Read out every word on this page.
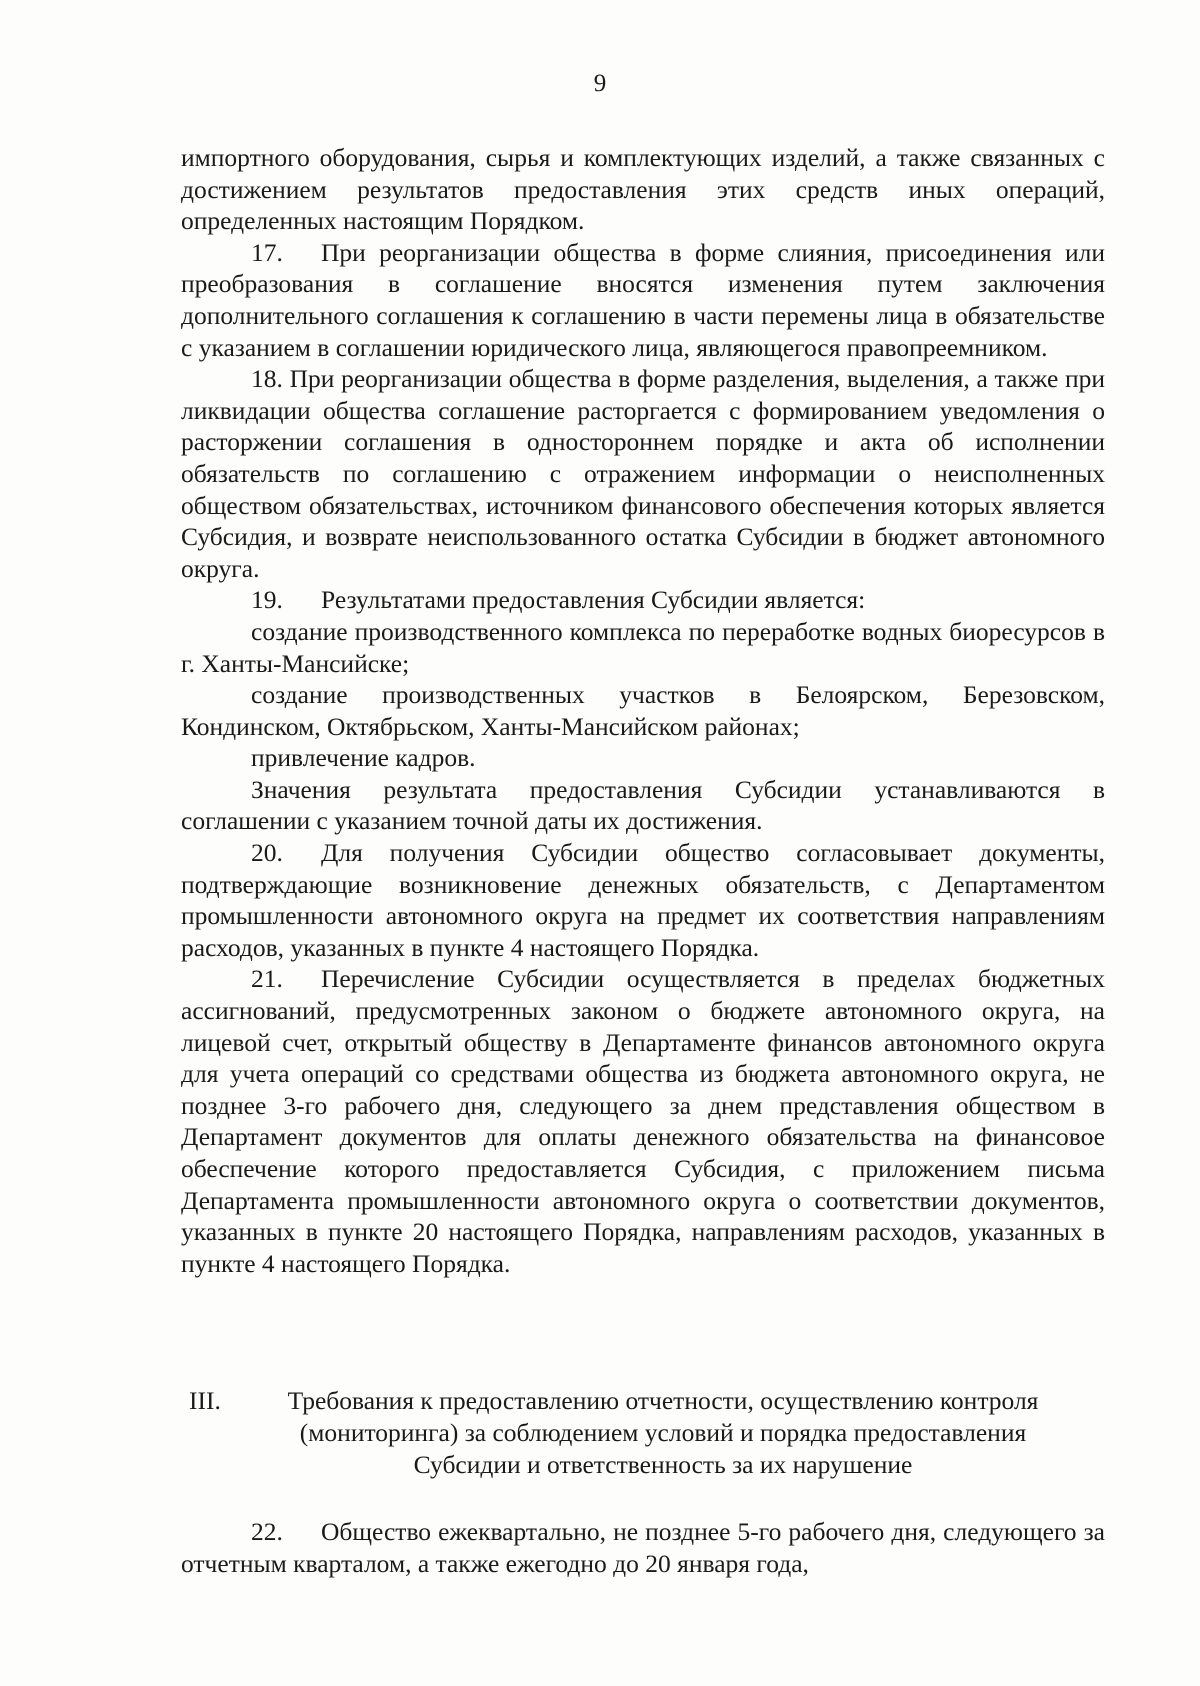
9

импортного оборудования, сырья и комплектующих изделий, а также связанных с достижением результатов предоставления этих средств иных операций, определенных настоящим Порядком.

17. При реорганизации общества в форме слияния, присоединения или преобразования в соглашение вносятся изменения путем заключения дополнительного соглашения к соглашению в части перемены лица в обязательстве с указанием в соглашении юридического лица, являющегося правопреемником.

18. При реорганизации общества в форме разделения, выделения, а также при ликвидации общества соглашение расторгается с формированием уведомления о расторжении соглашения в одностороннем порядке и акта об исполнении обязательств по соглашению с отражением информации о неисполненных обществом обязательствах, источником финансового обеспечения которых является Субсидия, и возврате неиспользованного остатка Субсидии в бюджет автономного округа.

19. Результатами предоставления Субсидии является:

создание производственного комплекса по переработке водных биоресурсов в г. Ханты-Мансийске;

создание производственных участков в Белоярском, Березовском, Кондинском, Октябрьском, Ханты-Мансийском районах;

привлечение кадров.

Значения результата предоставления Субсидии устанавливаются в соглашении с указанием точной даты их достижения.

20. Для получения Субсидии общество согласовывает документы, подтверждающие возникновение денежных обязательств, с Департаментом промышленности автономного округа на предмет их соответствия направлениям расходов, указанных в пункте 4 настоящего Порядка.

21. Перечисление Субсидии осуществляется в пределах бюджетных ассигнований, предусмотренных законом о бюджете автономного округа, на лицевой счет, открытый обществу в Департаменте финансов автономного округа для учета операций со средствами общества из бюджета автономного округа, не позднее 3-го рабочего дня, следующего за днем представления обществом в Департамент документов для оплаты денежного обязательства на финансовое обеспечение которого предоставляется Субсидия, с приложением письма Департамента промышленности автономного округа о соответствии документов, указанных в пункте 20 настоящего Порядка, направлениям расходов, указанных в пункте 4 настоящего Порядка.

III.	Требования к предоставлению отчетности, осуществлению контроля
(мониторинга) за соблюдением условий и порядка предоставления
Субсидии и ответственность за их нарушение

22. Общество ежеквартально, не позднее 5-го рабочего дня, следующего за отчетным кварталом, а также ежегодно до 20 января года,
